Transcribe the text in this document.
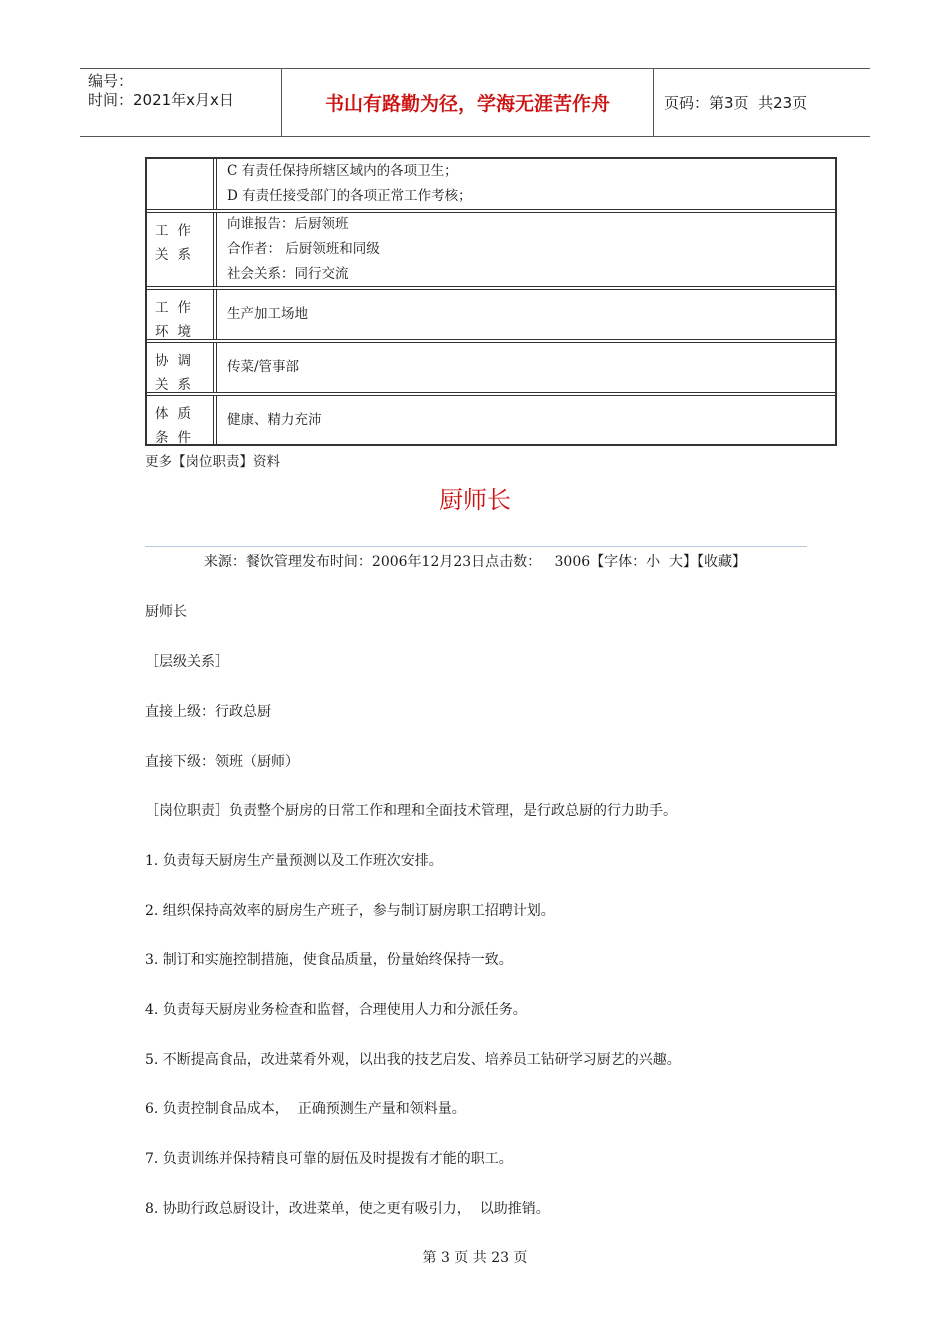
编号：
时间：2021年x月x日	书山有路勤为径，学海无涯苦作舟	页码：第3页  共23页
C 有责任保持所辖区域内的各项卫生；
D 有责任接受部门的各项正常工作考核；
工作关系
向谁报告：后厨领班
合作者： 后厨领班和同级
社会关系：同行交流
工作环境
生产加工场地
协调关系
传菜/管事部
体质条件
健康、精力充沛
更多【岗位职责】资料
厨师长
来源：餐饮管理发布时间：2006年12月23日点击数：   3006【字体：小  大】【收藏】
厨师长
［层级关系］
直接上级：行政总厨
直接下级：领班（厨师）
［岗位职责］负责整个厨房的日常工作和理和全面技术管理，是行政总厨的行力助手。
1. 负责每天厨房生产量预测以及工作班次安排。
2. 组织保持高效率的厨房生产班子，参与制订厨房职工招聘计划。
3. 制订和实施控制措施，使食品质量，份量始终保持一致。
4. 负责每天厨房业务检查和监督，合理使用人力和分派任务。
5. 不断提高食品，改进菜肴外观，以出我的技艺启发、培养员工钻研学习厨艺的兴趣。
6. 负责控制食品成本，  正确预测生产量和领料量。
7. 负责训练并保持精良可靠的厨伍及时提拨有才能的职工。
8. 协助行政总厨设计，改进菜单，使之更有吸引力，  以助推销。
第 3 页 共 23 页
